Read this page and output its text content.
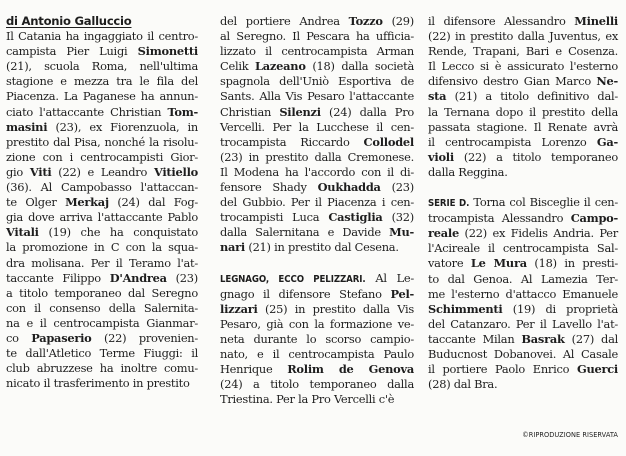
di Antonio Galluccio

Il Catania ha ingaggiato il centro-
campista Pier Luigi Simonetti
(21), scuola Roma, nell'ultima
stagione e mezza tra le fila del
Piacenza. La Paganese ha annun-
ciato l'attaccante Christian Tom-
masini (23), ex Fiorenzuola, in
prestito dal Pisa, nonché la risolu-
zione con i centrocampisti Gior-
gio Viti (22) e Leandro Vitiello
(36). Al Campobasso l'attaccan-
te Olger Merkaj (24) dal Fog-
gia dove arriva l'attaccante Pablo
Vitali (19) che ha conquistato
la promozione in C con la squa-
dra molisana. Per il Teramo l'at-
taccante Filippo D'Andrea (23)
a titolo temporaneo dal Seregno
con il consenso della Salernita-
na e il centrocampista Gianmar-
co Papaserio (22) provenien-
te dall'Atletico Terme Fiuggi: il
club abruzzese ha inoltre comu-
nicato il trasferimento in prestito

del portiere Andrea Tozzo (29)
al Seregno. Il Pescara ha ufficia-
lizzato il centrocampista Arman
Celik Lazeano (18) dalla società
spagnola dell'Uniò Esportiva de
Sants. Alla Vis Pesaro l'attaccante
Christian Silenzi (24) dalla Pro
Vercelli. Per la Lucchese il cen-
trocampista Riccardo Collodel
(23) in prestito dalla Cremonese.
Il Modena ha l'accordo con il di-
fensore Shady Oukhadda (23)
del Gubbio. Per il Piacenza i cen-
trocampisti Luca Castiglia (32)
dalla Salernitana e Davide Mu-
nari (21) in prestito dal Cesena.

LEGNAGO, ECCO PELIZZARI. Al Le-
gnago il difensore Stefano Pel-
lizzari (25) in prestito dalla Vis
Pesaro, già con la formazione ve-
neta durante lo scorso campio-
nato, e il centrocampista Paulo
Henrique Rolim de Genova
(24) a titolo temporaneo dalla
Triestina. Per la Pro Vercelli c'è

il difensore Alessandro Minelli
(22) in prestito dalla Juventus, ex
Rende, Trapani, Bari e Cosenza.
Il Lecco si è assicurato l'esterno
difensivo destro Gian Marco Ne-
sta (21) a titolo definitivo dal-
la Ternana dopo il prestito della
passata stagione. Il Renate avrà
il centrocampista Lorenzo Ga-
violi (22) a titolo temporaneo
dalla Reggina.

SERIE D. Torna col Bisceglie il cen-
trocampista Alessandro Campo-
reale (22) ex Fidelis Andria. Per
l'Acireale il centrocampista Sal-
vatore Le Mura (18) in presti-
to dal Genoa. Al Lamezia Ter-
me l'esterno d'attacco Emanuele
Schimmenti (19) di proprietà
del Catanzaro. Per il Lavello l'at-
taccante Milan Basrak (27) dal
Buducnost Dobanovei. Al Casale
il portiere Paolo Enrico Guerci
(28) dal Bra.

©RIPRODUZIONE RISERVATA
